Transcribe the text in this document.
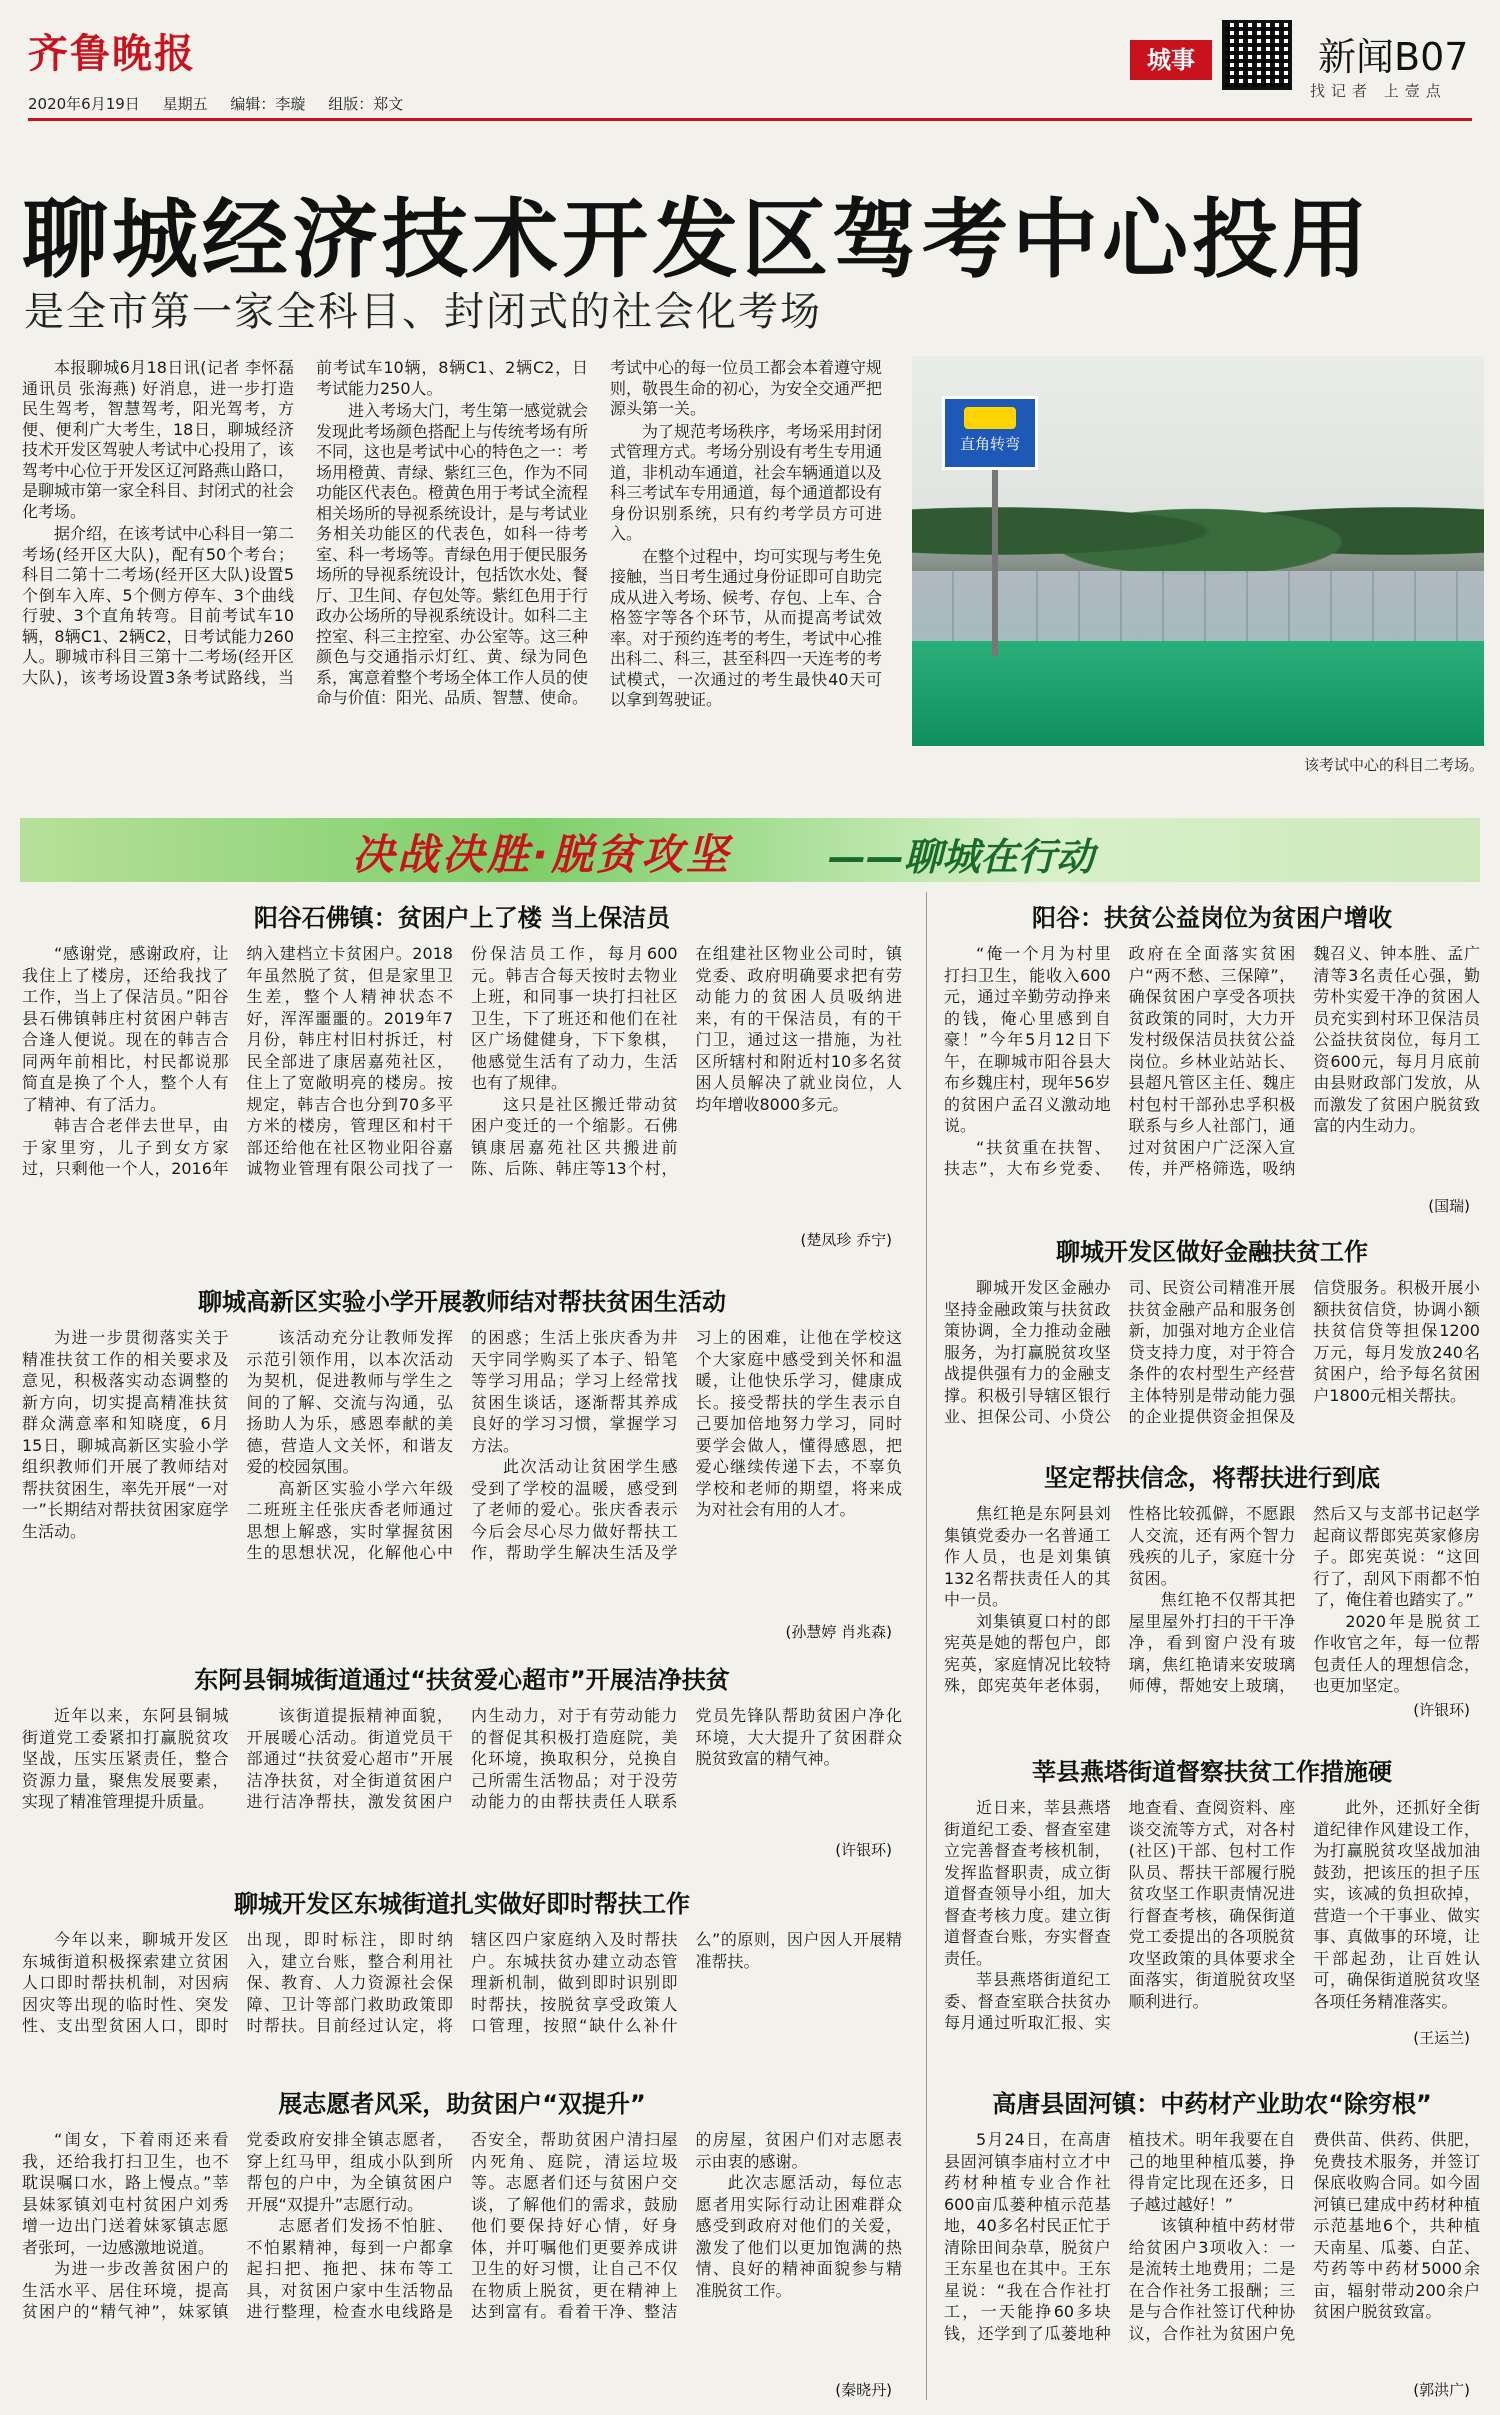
齐鲁晚报
2020年6月19日 星期五 编辑：李璇 组版：郑文
城事	新闻B07
找记者 上壹点
聊城经济技术开发区驾考中心投用
是全市第一家全科目、封闭式的社会化考场

本报聊城6月18日讯(记者 李怀磊 通讯员 张海燕) 好消息，进一步打造民生驾考，智慧驾考，阳光驾考，方便、便利广大考生，18日，聊城经济技术开发区驾驶人考试中心投用了，该驾考中心位于开发区辽河路燕山路口，是聊城市第一家全科目、封闭式的社会化考场。

据介绍，在该考试中心科目一第二考场(经开区大队)，配有50个考台；科目二第十二考场(经开区大队)设置5个倒车入库、5个侧方停车、3个曲线行驶、3个直角转弯。目前考试车10辆，8辆C1、2辆C2，日考试能力260人。聊城市科目三第十二考场(经开区大队)，该考场设置3条考试路线，当前考试车10辆，8辆C1、2辆C2，日考试能力250人。

进入考场大门，考生第一感觉就会发现此考场颜色搭配上与传统考场有所不同，这也是考试中心的特色之一：考场用橙黄、青绿、紫红三色，作为不同功能区代表色。橙黄色用于考试全流程相关场所的导视系统设计，是与考试业务相关功能区的代表色，如科一待考室、科一考场等。青绿色用于便民服务场所的导视系统设计，包括饮水处、餐厅、卫生间、存包处等。紫红色用于行政办公场所的导视系统设计。如科二主控室、科三主控室、办公室等。这三种颜色与交通指示灯红、黄、绿为同色系，寓意着整个考场全体工作人员的使命与价值：阳光、品质、智慧、使命。考试中心的每一位员工都会本着遵守规则，敬畏生命的初心，为安全交通严把源头第一关。

为了规范考场秩序，考场采用封闭式管理方式。考场分别设有考生专用通道，非机动车通道，社会车辆通道以及科三考试车专用通道，每个通道都设有身份识别系统，只有约考学员方可进入。

在整个过程中，均可实现与考生免接触，当日考生通过身份证即可自助完成从进入考场、候考、存包、上车、合格签字等各个环节，从而提高考试效率。对于预约连考的考生，考试中心推出科二、科三，甚至科四一天连考的考试模式，一次通过的考生最快40天可以拿到驾驶证。

直角转弯
该考试中心的科目二考场。
决战决胜·脱贫攻坚	——聊城在行动
阳谷石佛镇：贫困户上了楼 当上保洁员

“感谢党，感谢政府，让我住上了楼房，还给我找了工作，当上了保洁员。”阳谷县石佛镇韩庄村贫困户韩吉合逢人便说。现在的韩吉合同两年前相比，村民都说那简直是换了个人，整个人有了精神、有了活力。

韩吉合老伴去世早，由于家里穷，儿子到女方家过，只剩他一个人，2016年纳入建档立卡贫困户。2018年虽然脱了贫，但是家里卫生差，整个人精神状态不好，浑浑噩噩的。2019年7月份，韩庄村旧村拆迁，村民全部进了康居嘉苑社区，住上了宽敞明亮的楼房。按规定，韩吉合也分到70多平方米的楼房，管理区和村干部还给他在社区物业阳谷嘉诚物业管理有限公司找了一份保洁员工作，每月600元。韩吉合每天按时去物业上班，和同事一块打扫社区卫生，下了班还和他们在社区广场健健身，下下象棋，他感觉生活有了动力，生活也有了规律。

这只是社区搬迁带动贫困户变迁的一个缩影。石佛镇康居嘉苑社区共搬进前陈、后陈、韩庄等13个村，在组建社区物业公司时，镇党委、政府明确要求把有劳动能力的贫困人员吸纳进来，有的干保洁员，有的干门卫，通过这一措施，为社区所辖村和附近村10多名贫困人员解决了就业岗位，人均年增收8000多元。

(楚凤珍 乔宁)
聊城高新区实验小学开展教师结对帮扶贫困生活动

为进一步贯彻落实关于精准扶贫工作的相关要求及意见，积极落实动态调整的新方向，切实提高精准扶贫群众满意率和知晓度，6月15日，聊城高新区实验小学组织教师们开展了教师结对帮扶贫困生，率先开展“一对一”长期结对帮扶贫困家庭学生活动。

该活动充分让教师发挥示范引领作用，以本次活动为契机，促进教师与学生之间的了解、交流与沟通，弘扬助人为乐，感恩奉献的美德，营造人文关怀，和谐友爱的校园氛围。

高新区实验小学六年级二班班主任张庆香老师通过思想上解惑，实时掌握贫困生的思想状况，化解他心中的困惑；生活上张庆香为井天宇同学购买了本子、铅笔等学习用品；学习上经常找贫困生谈话，逐渐帮其养成良好的学习习惯，掌握学习方法。

此次活动让贫困学生感受到了学校的温暖，感受到了老师的爱心。张庆香表示今后会尽心尽力做好帮扶工作，帮助学生解决生活及学习上的困难，让他在学校这个大家庭中感受到关怀和温暖，让他快乐学习，健康成长。接受帮扶的学生表示自己要加倍地努力学习，同时要学会做人，懂得感恩，把爱心继续传递下去，不辜负学校和老师的期望，将来成为对社会有用的人才。

(孙慧婷 肖兆森)
东阿县铜城街道通过“扶贫爱心超市”开展洁净扶贫

近年以来，东阿县铜城街道党工委紧扣打赢脱贫攻坚战，压实压紧责任，整合资源力量，聚焦发展要素，实现了精准管理提升质量。

该街道提振精神面貌，开展暖心活动。街道党员干部通过“扶贫爱心超市”开展洁净扶贫，对全街道贫困户进行洁净帮扶，激发贫困户内生动力，对于有劳动能力的督促其积极打造庭院，美化环境，换取积分，兑换自己所需生活物品；对于没劳动能力的由帮扶责任人联系党员先锋队帮助贫困户净化环境，大大提升了贫困群众脱贫致富的精气神。

(许银环)
聊城开发区东城街道扎实做好即时帮扶工作

今年以来，聊城开发区东城街道积极探索建立贫困人口即时帮扶机制，对因病因灾等出现的临时性、突发性、支出型贫困人口，即时出现，即时标注，即时纳入，建立台账，整合利用社保、教育、人力资源社会保障、卫计等部门救助政策即时帮扶。目前经过认定，将辖区四户家庭纳入及时帮扶户。东城扶贫办建立动态管理新机制，做到即时识别即时帮扶，按脱贫享受政策人口管理，按照“缺什么补什么”的原则，因户因人开展精准帮扶。

展志愿者风采，助贫困户“双提升”

“闺女，下着雨还来看我，还给我打扫卫生，也不耽误嘱口水，路上慢点。”莘县妹冢镇刘屯村贫困户刘秀增一边出门送着妹冢镇志愿者张珂，一边感激地说道。

为进一步改善贫困户的生活水平、居住环境，提高贫困户的“精气神”，妹冢镇党委政府安排全镇志愿者，穿上红马甲，组成小队到所帮包的户中，为全镇贫困户开展“双提升”志愿行动。

志愿者们发扬不怕脏、不怕累精神，每到一户都拿起扫把、拖把、抹布等工具，对贫困户家中生活物品进行整理，检查水电线路是否安全，帮助贫困户清扫屋内死角、庭院，清运垃圾等。志愿者们还与贫困户交谈，了解他们的需求，鼓励他们要保持好心情，好身体，并叮嘱他们更要养成讲卫生的好习惯，让自己不仅在物质上脱贫，更在精神上达到富有。看着干净、整洁的房屋，贫困户们对志愿表示由衷的感谢。

此次志愿活动，每位志愿者用实际行动让困难群众感受到政府对他们的关爱，激发了他们以更加饱满的热情、良好的精神面貌参与精准脱贫工作。

(秦晓丹)
阳谷：扶贫公益岗位为贫困户增收

“俺一个月为村里打扫卫生，能收入600元，通过辛勤劳动挣来的钱，俺心里感到自豪！”今年5月12日下午，在聊城市阳谷县大布乡魏庄村，现年56岁的贫困户孟召义激动地说。

“扶贫重在扶智、扶志”，大布乡党委、政府在全面落实贫困户“两不愁、三保障”，确保贫困户享受各项扶贫政策的同时，大力开发村级保洁员扶贫公益岗位。乡林业站站长、县超凡管区主任、魏庄村包村干部孙忠孚积极联系与乡人社部门，通过对贫困户广泛深入宣传，并严格筛选，吸纳魏召义、钟本胜、孟广清等3名责任心强，勤劳朴实爱干净的贫困人员充实到村环卫保洁员公益扶贫岗位，每月工资600元，每月月底前由县财政部门发放，从而激发了贫困户脱贫致富的内生动力。

(国瑞)
聊城开发区做好金融扶贫工作

聊城开发区金融办坚持金融政策与扶贫政策协调，全力推动金融服务，为打赢脱贫攻坚战提供强有力的金融支撑。积极引导辖区银行业、担保公司、小贷公司、民资公司精准开展扶贫金融产品和服务创新，加强对地方企业信贷支持力度，对于符合条件的农村型生产经营主体特别是带动能力强的企业提供资金担保及信贷服务。积极开展小额扶贫信贷，协调小额扶贫信贷等担保1200万元，每月发放240名贫困户，给予每名贫困户1800元相关帮扶。

坚定帮扶信念，将帮扶进行到底

焦红艳是东阿县刘集镇党委办一名普通工作人员，也是刘集镇132名帮扶责任人的其中一员。

刘集镇夏口村的郎宪英是她的帮包户，郎宪英，家庭情况比较特殊，郎宪英年老体弱，性格比较孤僻，不愿跟人交流，还有两个智力残疾的儿子，家庭十分贫困。

焦红艳不仅帮其把屋里屋外打扫的干干净净，看到窗户没有玻璃，焦红艳请来安玻璃师傅，帮她安上玻璃，然后又与支部书记赵学起商议帮郎宪英家修房子。郎宪英说：“这回行了，刮风下雨都不怕了，俺住着也踏实了。”

2020年是脱贫工作收官之年，每一位帮包责任人的理想信念，也更加坚定。

(许银环)
莘县燕塔街道督察扶贫工作措施硬

近日来，莘县燕塔街道纪工委、督查室建立完善督查考核机制，发挥监督职责，成立街道督查领导小组，加大督查考核力度。建立街道督查台账，夯实督查责任。

莘县燕塔街道纪工委、督查室联合扶贫办每月通过听取汇报、实地查看、查阅资料、座谈交流等方式，对各村(社区)干部、包村工作队员、帮扶干部履行脱贫攻坚工作职责情况进行督查考核，确保街道党工委提出的各项脱贫攻坚政策的具体要求全面落实，街道脱贫攻坚顺利进行。

此外，还抓好全街道纪律作风建设工作，为打赢脱贫攻坚战加油鼓劲，把该压的担子压实，该减的负担砍掉，营造一个干事业、做实事、真做事的环境，让干部起劲，让百姓认可，确保街道脱贫攻坚各项任务精准落实。

(王运兰)
高唐县固河镇：中药材产业助农“除穷根”

5月24日，在高唐县固河镇李庙村立才中药材种植专业合作社600亩瓜蒌种植示范基地，40多名村民正忙于清除田间杂草，脱贫户王东星也在其中。王东星说：“我在合作社打工，一天能挣60多块钱，还学到了瓜蒌地种植技术。明年我要在自己的地里种植瓜蒌，挣得肯定比现在还多，日子越过越好！”

该镇种植中药材带给贫困户3项收入：一是流转土地费用；二是在合作社务工报酬；三是与合作社签订代种协议，合作社为贫困户免费供苗、供药、供肥，免费技术服务，并签订保底收购合同。如今固河镇已建成中药材种植示范基地6个，共种植天南星、瓜蒌、白芷、芍药等中药材5000余亩，辐射带动200余户贫困户脱贫致富。

(郭洪广)
